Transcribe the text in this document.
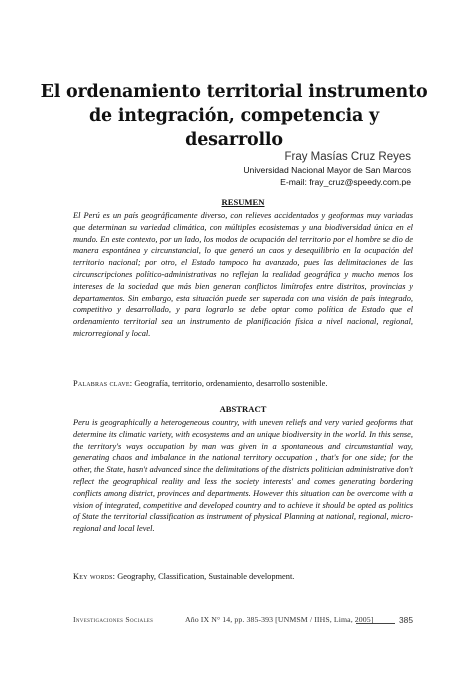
El ordenamiento territorial instrumento de integración, competencia y desarrollo
Fray Masías Cruz Reyes
Universidad Nacional Mayor de San Marcos
E-mail: fray_cruz@speedy.com.pe
RESUMEN

El Perú es un país geográficamente diverso, con relieves accidentados y geoformas muy variadas que determinan su variedad climática, con múltiples ecosistemas y una biodiversidad única en el mundo. En este contexto, por un lado, los modos de ocupación del territorio por el hombre se dio de manera espontánea y circunstancial, lo que generó un caos y desequilibrio en la ocupación del territorio nacional; por otro, el Estado tampoco ha avanzado, pues las delimitaciones de las circunscripciones político-administrativas no reflejan la realidad geográfica y mucho menos los intereses de la sociedad que más bien generan conflictos limítrofes entre distritos, provincias y departamentos. Sin embargo, esta situación puede ser superada con una visión de país integrado, competitivo y desarrollado, y para lograrlo se debe optar como política de Estado que el ordenamiento territorial sea un instrumento de planificación física a nivel nacional, regional, microrregional y local.

Palabras clave: Geografía, territorio, ordenamiento, desarrollo sostenible.
ABSTRACT

Peru is geographically a heterogeneous country, with uneven reliefs and very varied geoforms that determine its climatic variety, with ecosystems and an unique biodiversity in the world. In this sense, the territory's ways occupation by man was given in a spontaneous and circumstantial way, generating chaos and imbalance in the national territory occupation , that's for one side; for the other, the State, hasn't advanced since the delimitations of the districts politician administrative don't reflect the geographical reality and less the society interests' and comes generating bordering conflicts among district, provinces and departments. However this situation can be overcome with a vision of integrated, competitive and developed country and to achieve it should be opted as politics of State the territorial classification as instrument of physical Planning at national, regional, micro-regional and local level.

Key words: Geography, Classification, Sustainable development.
Investigaciones Sociales	Año IX N° 14, pp. 385-393 [UNMSM / IIHS, Lima, 2005]	385
